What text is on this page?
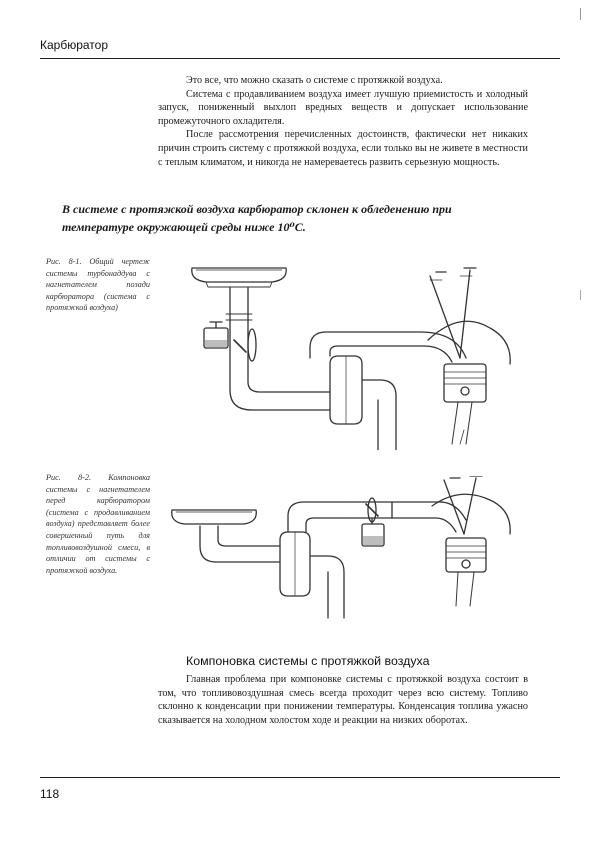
Карбюратор

Это все, что можно сказать о системе с протяжкой воздуха.

Система с продавливанием воздуха имеет лучшую приемистость и холодный запуск, пониженный выхлоп вредных веществ и допускает использование промежуточного охладителя.

После рассмотрения перечисленных достоинств, фактически нет никаких причин строить систему с протяжкой воздуха, если только вы не живете в местности с теплым климатом, и никогда не намереваетесь развить серьезную мощность.

В системе с протяжкой воздуха карбюратор склонен к обледенению при температуре окружающей среды ниже 10⁰С.

Рис. 8-1. Общий чертеж системы турбонаддува с нагнетателем позади карбюратора (система с протяжкой воздуха)

Рис. 8-2. Компоновка системы с нагнетателем перед карбюратором (система с продавливанием воздуха) представляет более совершенный путь для топливовоздушной смеси, в отличии от системы с протяжкой воздуха.

Компоновка системы с протяжкой воздуха

Главная проблема при компоновке системы с протяжкой воздуха состоит в том, что топливовоздушная смесь всегда проходит через всю систему. Топливо склонно к конденсации при понижении температуры. Конденсация топлива ужасно сказывается на холодном холостом ходе и реакции на низких оборотах.

118
